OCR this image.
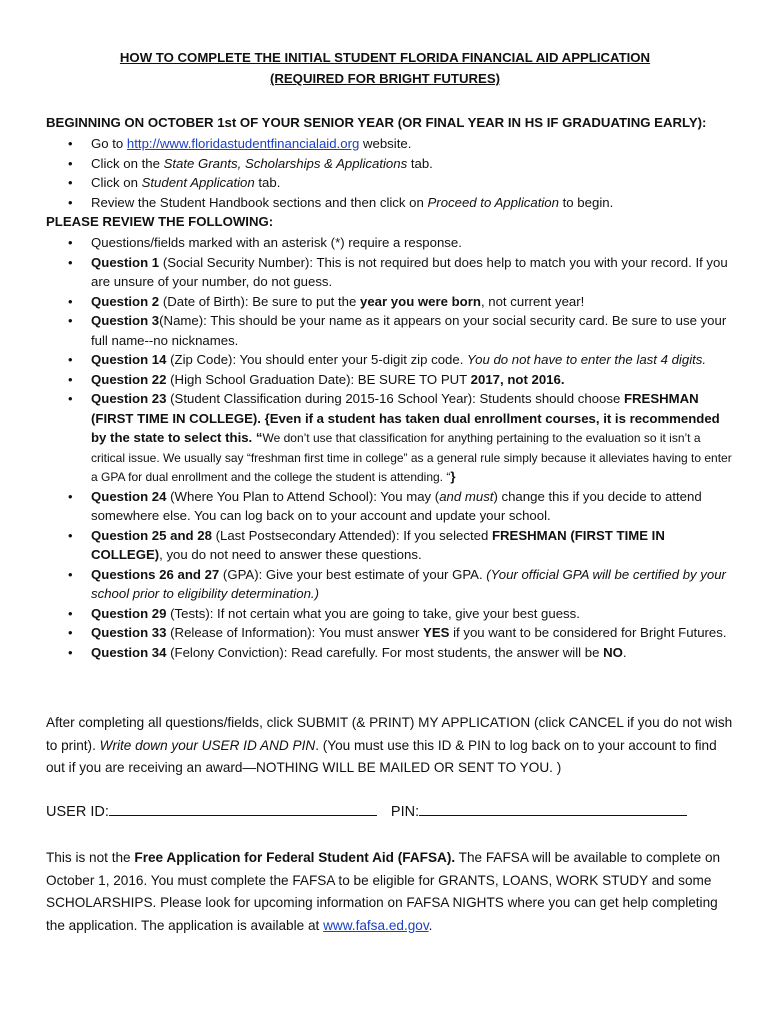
HOW TO COMPLETE THE INITIAL STUDENT FLORIDA FINANCIAL AID APPLICATION
(REQUIRED FOR BRIGHT FUTURES)
BEGINNING ON OCTOBER 1st OF YOUR SENIOR YEAR (OR FINAL YEAR IN HS IF GRADUATING EARLY):
• Go to http://www.floridastudentfinancialaid.org website.
• Click on the State Grants, Scholarships & Applications tab.
• Click on Student Application tab.
• Review the Student Handbook sections and then click on Proceed to Application to begin.
PLEASE REVIEW THE FOLLOWING:
• Questions/fields marked with an asterisk (*) require a response.
• Question 1 (Social Security Number): This is not required but does help to match you with your record. If you are unsure of your number, do not guess.
• Question 2 (Date of Birth): Be sure to put the year you were born, not current year!
• Question 3(Name): This should be your name as it appears on your social security card. Be sure to use your full name--no nicknames.
• Question 14 (Zip Code): You should enter your 5-digit zip code. You do not have to enter the last 4 digits.
• Question 22 (High School Graduation Date): BE SURE TO PUT 2017, not 2016.
• Question 23 (Student Classification during 2015-16 School Year): Students should choose FRESHMAN (FIRST TIME IN COLLEGE). {Even if a student has taken dual enrollment courses, it is recommended by the state to select this. “We don’t use that classification for anything pertaining to the evaluation so it isn’t a critical issue. We usually say “freshman first time in college” as a general rule simply because it alleviates having to enter a GPA for dual enrollment and the college the student is attending. “}
• Question 24 (Where You Plan to Attend School): You may (and must) change this if you decide to attend somewhere else. You can log back on to your account and update your school.
• Question 25 and 28 (Last Postsecondary Attended): If you selected FRESHMAN (FIRST TIME IN COLLEGE), you do not need to answer these questions.
• Questions 26 and 27 (GPA): Give your best estimate of your GPA. (Your official GPA will be certified by your school prior to eligibility determination.)
• Question 29 (Tests): If not certain what you are going to take, give your best guess.
• Question 33 (Release of Information): You must answer YES if you want to be considered for Bright Futures.
• Question 34 (Felony Conviction): Read carefully. For most students, the answer will be NO.
After completing all questions/fields, click SUBMIT (& PRINT) MY APPLICATION (click CANCEL if you do not wish to print). Write down your USER ID AND PIN. (You must use this ID & PIN to log back on to your account to find out if you are receiving an award—NOTHING WILL BE MAILED OR SENT TO YOU. )
USER ID:	PIN:
This is not the Free Application for Federal Student Aid (FAFSA). The FAFSA will be available to complete on October 1, 2016. You must complete the FAFSA to be eligible for GRANTS, LOANS, WORK STUDY and some SCHOLARSHIPS. Please look for upcoming information on FAFSA NIGHTS where you can get help completing the application. The application is available at www.fafsa.ed.gov.
